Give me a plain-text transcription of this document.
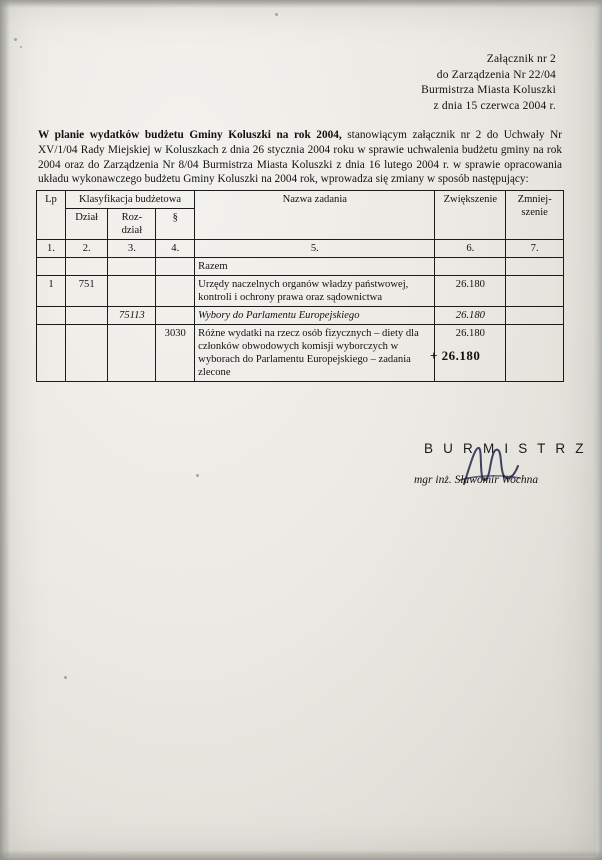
Załącznik nr 2
do Zarządzenia Nr 22/04
Burmistrza Miasta Koluszki
z dnia 15 czerwca 2004 r.
W planie wydatków budżetu Gminy Koluszki na rok 2004, stanowiącym załącznik nr 2 do Uchwały Nr XV/1/04 Rady Miejskiej w Koluszkach z dnia 26 stycznia 2004 roku w sprawie uchwalenia budżetu gminy na rok 2004 oraz do Zarządzenia Nr 8/04 Burmistrza Miasta Koluszki z dnia 16 lutego 2004 r. w sprawie opracowania układu wykonawczego budżetu Gminy Koluszki na 2004 rok, wprowadza się zmiany w sposób następujący:
Lp	Klasyfikacja budżetowa			Nazwa zadania	Zwiększenie	Zmniej-szenie
	Dział	Roz-dział	§			
1.	2.	3.	4.	5.	6.	7.
				Razem		
1	751			Urzędy naczelnych organów władzy państwowej, kontroli i ochrony prawa oraz sądownictwa	26.180	
		75113		Wybory do Parlamentu Europejskiego	26.180	
			3030	Różne wydatki na rzecz osób fizycznych – diety dla członków obwodowych komisji wyborczych w wyborach do Parlamentu Europejskiego – zadania zlecone	26.180	
+ 26.180
B U R M I S T R Z
mgr inż. Sławomir Wochna
